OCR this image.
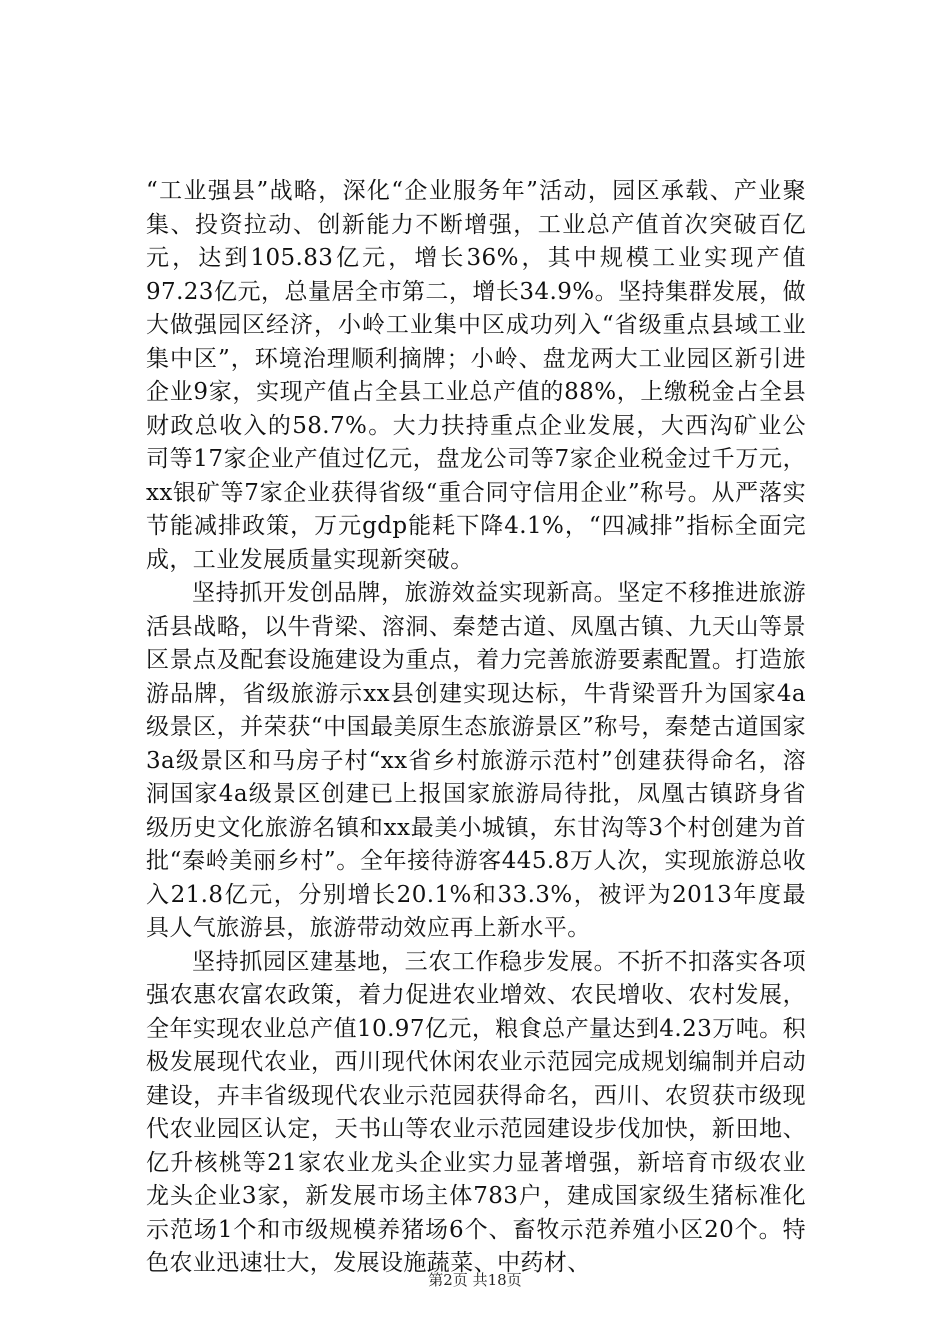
“工业强县”战略，深化“企业服务年”活动，园区承载、产业聚集、投资拉动、创新能力不断增强，工业总产值首次突破百亿元，达到105.83亿元，增长36%，其中规模工业实现产值97.23亿元，总量居全市第二，增长34.9%。坚持集群发展，做大做强园区经济，小岭工业集中区成功列入“省级重点县域工业集中区”，环境治理顺利摘牌；小岭、盘龙两大工业园区新引进企业9家，实现产值占全县工业总产值的88%，上缴税金占全县财政总收入的58.7%。大力扶持重点企业发展，大西沟矿业公司等17家企业产值过亿元，盘龙公司等7家企业税金过千万元，xx银矿等7家企业获得省级“重合同守信用企业”称号。从严落实节能减排政策，万元gdp能耗下降4.1%，“四减排”指标全面完成，工业发展质量实现新突破。

坚持抓开发创品牌，旅游效益实现新高。坚定不移推进旅游活县战略，以牛背梁、溶洞、秦楚古道、凤凰古镇、九天山等景区景点及配套设施建设为重点，着力完善旅游要素配置。打造旅游品牌，省级旅游示xx县创建实现达标，牛背梁晋升为国家4a级景区，并荣获“中国最美原生态旅游景区”称号，秦楚古道国家3a级景区和马房子村“xx省乡村旅游示范村”创建获得命名，溶洞国家4a级景区创建已上报国家旅游局待批，凤凰古镇跻身省级历史文化旅游名镇和xx最美小城镇，东甘沟等3个村创建为首批“秦岭美丽乡村”。全年接待游客445.8万人次，实现旅游总收入21.8亿元，分别增长20.1%和33.3%，被评为2013年度最具人气旅游县，旅游带动效应再上新水平。

坚持抓园区建基地，三农工作稳步发展。不折不扣落实各项强农惠农富农政策，着力促进农业增效、农民增收、农村发展，全年实现农业总产值10.97亿元，粮食总产量达到4.23万吨。积极发展现代农业，西川现代休闲农业示范园完成规划编制并启动建设，卉丰省级现代农业示范园获得命名，西川、农贸获市级现代农业园区认定，天书山等农业示范园建设步伐加快，新田地、亿升核桃等21家农业龙头企业实力显著增强，新培育市级农业龙头企业3家，新发展市场主体783户，建成国家级生猪标准化示范场1个和市级规模养猪场6个、畜牧示范养殖小区20个。特色农业迅速壮大，发展设施蔬菜、中药材、

第2页 共18页
